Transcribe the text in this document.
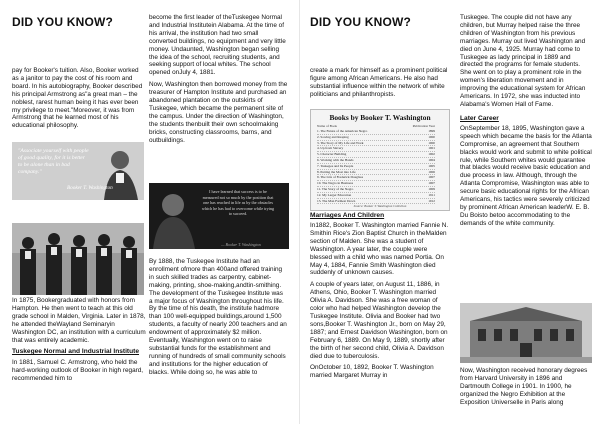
DID YOU KNOW?

pay for Booker's tuition. Also, Booker worked as a janitor to pay the cost of his room and board. In his autobiography, Booker described his principal Armstrong as"a great man – the noblest, rarest human being it has ever been my privilege to meet."Moreover, it was from Armstrong that he learned most of his educational philosophy.

"Associate yourself with people of good quality, for it is better to be alone than in bad company."
Booker T. Washington

In 1875, Bookergraduated with honors from Hampton. He then went to teach at this old grade school in Malden, Virginia. Later in 1878, he attended theWayland Seminaryin Washington DC, an institution with a curriculum that was entirely academic.

Tuskegee Normal and Industrial Institute

In 1881, Samuel C. Armstrong, who held the hard-working outlook of Booker in high regard, recommended him to

become the first leader of theTuskegee Normal and Industrial Institutein Alabama. At the time of his arrival, the institution had two small converted buildings, no equipment and very little money. Undaunted, Washington began selling the idea of the school, recruiting students, and seeking support of local whites. The school opened onJuly 4, 1881.

Now, Washington then borrowed money from the treasurer of Hampton Institute and purchased an abandoned plantation on the outskirts of Tuskegee, which became the permanent site of the campus. Under the direction of Washington, the students thenbuilt their own schoolmaking bricks, constructing classrooms, barns, and outbuildings.

I have learned that success is to be measured not so much by the position that one has reached in life as by the obstacles which he has had to overcome while trying to succeed.
— Booker T. Washington

By 1888, the Tuskegee Institute had an enrollment ofmore than 400and offered training in such skilled trades as carpentry, cabinet-making, printing, shoe-making,andtin-smithing. The development of the Tuskegee Institute was a major focus of Washington throughout his life. By the time of his death, the institute hadmore than 100 well-equipped buildings,around 1,500 students, a faculty of nearly 200 teachers and an endowment of approximately $2 million. Eventually, Washington went on to raise substantial funds for the establishment and running of hundreds of small community schools and institutions for the higher education of blacks. While doing so, he was able to

DID YOU KNOW?

create a mark for himself as a prominent political figure among African Americans. He also had substantial influence within the network of white politicians and philanthropists.

Books by Booker T. Washington
Name of Book	Publication Year
1. The Future of the American Negro	1899
2. Sowing and Reaping	1900
3. The Story of My Life and Work	1900
4. Up from Slavery	1901
5. Character Building	1902
6. Working with the Hands	1904
7. Tuskegee and Its People	1905
8. Putting the Most into Life	1906
9. The Life of Frederick Douglass	1907
10. The Negro in Business	1907
11. The Story of the Negro	1909
12. My Larger Education	1911
13. The Man Farthest Down	1912
Source: Booker T. Washington Collection

Marriages And Children

In1882, Booker T. Washington married Fannie N. Smithin Rice's Zion Baptist Church in theMalden section of Malden. She was a student of Washington. A year later, the couple were blessed with a child who was named Portia. On May 4, 1884, Fannie Smith Washington died suddenly of unknown causes.

A couple of years later, on August 11, 1886, in Athens, Ohio, Booker T. Washington married Olivia A. Davidson. She was a free woman of color who had helped Washington develop the Tuskegee Institute. Olivia and Booker had two sons,Booker T. Washington Jr., born on May 29, 1887; and Ernest Davidson Washington, born on February 6, 1889. On May 9, 1889, shortly after the birth of her second child, Olivia A. Davidson died due to tuberculosis.

OnOctober 10, 1892, Booker T. Washington married Margaret Murray in

Tuskegee. The couple did not have any children, but Murray helped raise the three children of Washington from his previous marriages. Murray out lived Washington and died on June 4, 1925. Murray had come to Tuskegee as lady principal in 1889 and directed the programs for female students. She went on to play a prominent role in the women's liberation movement and in improving the educational system for African Americans. In 1972, she was inducted into Alabama's Women Hall of Fame.

Later Career

OnSeptember 18, 1895, Washington gave a speech which became the basis for the Atlanta Compromise, an agreement that Southern blacks would work and submit to white political rule, while Southern whites would guarantee that blacks would receive basic education and due process in law. Although, through the Atlanta Compromise, Washington was able to secure basic educational rights for the African Americans, his tactics were severely criticized by prominent African American leaderW. E. B. Du Boisto betoo accommodating to the demands of the white community.

Now, Washington received honorary degrees from Harvard University in 1896 and Dartmouth College in 1901. In 1900, he organized the Negro Exhibition at the Exposition Universelle in Paris along
